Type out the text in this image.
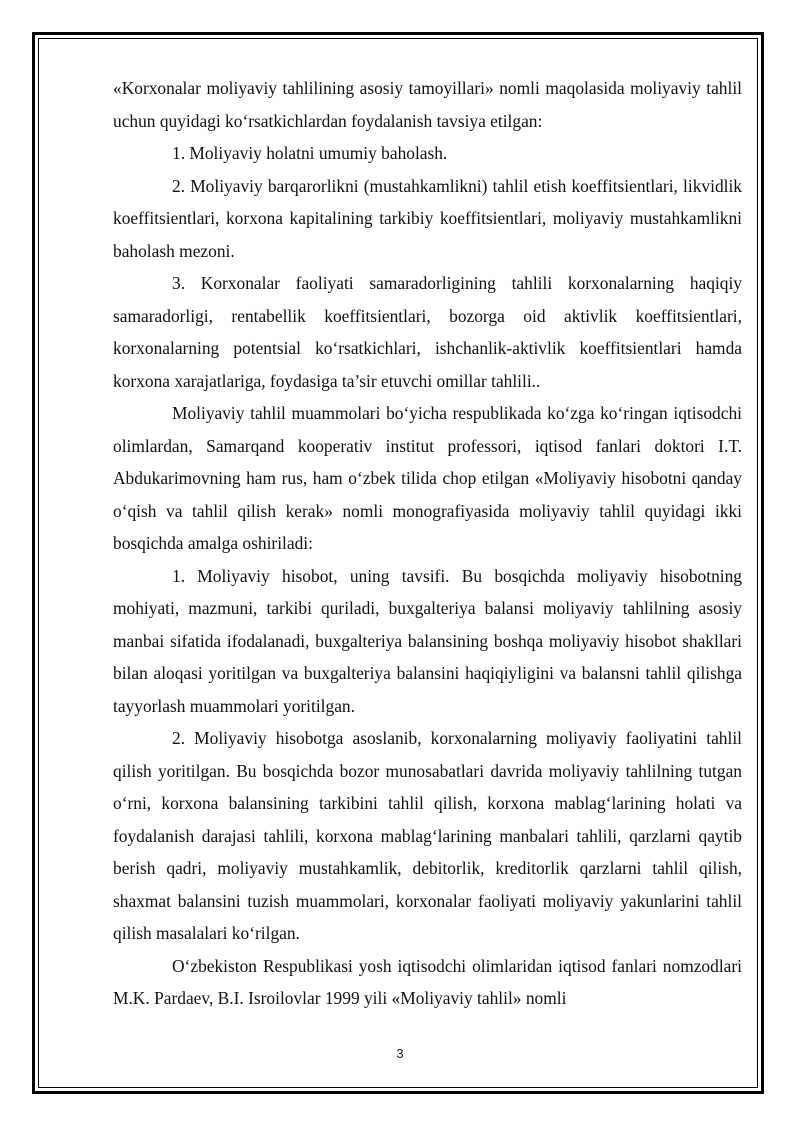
«Korxonalar moliyaviy tahlilining asosiy tamoyillari» nomli maqolasida moliyaviy tahlil uchun quyidagi ko‘rsatkichlardan foydalanish tavsiya etilgan:

1. Moliyaviy holatni umumiy baholash.

2. Moliyaviy barqarorlikni (mustahkamlikni) tahlil etish koeffitsientlari, likvidlik koeffitsientlari, korxona kapitalining tarkibiy koeffitsientlari, moliyaviy mustahkamlikni baholash mezoni.

3. Korxonalar faoliyati samaradorligining tahlili korxonalarning haqiqiy samaradorligi, rentabellik koeffitsientlari, bozorga oid aktivlik koeffitsientlari, korxonalarning potentsial ko‘rsatkichlari, ishchanlik-aktivlik koeffitsientlari hamda korxona xarajatlariga, foydasiga ta’sir etuvchi omillar tahlili..

Moliyaviy tahlil muammolari bo‘yicha respublikada ko‘zga ko‘ringan iqtisodchi olimlardan, Samarqand kooperativ institut professori, iqtisod fanlari doktori I.T. Abdukarimovning ham rus, ham o‘zbek tilida chop etilgan «Moliyaviy hisobotni qanday o‘qish va tahlil qilish kerak» nomli monografiyasida moliyaviy tahlil quyidagi ikki bosqichda amalga oshiriladi:

1. Moliyaviy hisobot, uning tavsifi. Bu bosqichda moliyaviy hisobotning mohiyati, mazmuni, tarkibi quriladi, buxgalteriya balansi moliyaviy tahlilning asosiy manbai sifatida ifodalanadi, buxgalteriya balansining boshqa moliyaviy hisobot shakllari bilan aloqasi yoritilgan va buxgalteriya balansini haqiqiyligini va balansni tahlil qilishga tayyorlash muammolari yoritilgan.

2. Moliyaviy hisobotga asoslanib, korxonalarning moliyaviy faoliyatini tahlil qilish yoritilgan. Bu bosqichda bozor munosabatlari davrida moliyaviy tahlilning tutgan o‘rni, korxona balansining tarkibini tahlil qilish, korxona mablag‘larining holati va foydalanish darajasi tahlili, korxona mablag‘larining manbalari tahlili, qarzlarni qaytib berish qadri, moliyaviy mustahkamlik, debitorlik, kreditorlik qarzlarni tahlil qilish, shaxmat balansini tuzish muammolari, korxonalar faoliyati moliyaviy yakunlarini tahlil qilish masalalari ko‘rilgan.

O‘zbekiston Respublikasi yosh iqtisodchi olimlaridan iqtisod fanlari nomzodlari M.K. Pardaev, B.I. Isroilovlar 1999 yili «Moliyaviy tahlil» nomli

3
